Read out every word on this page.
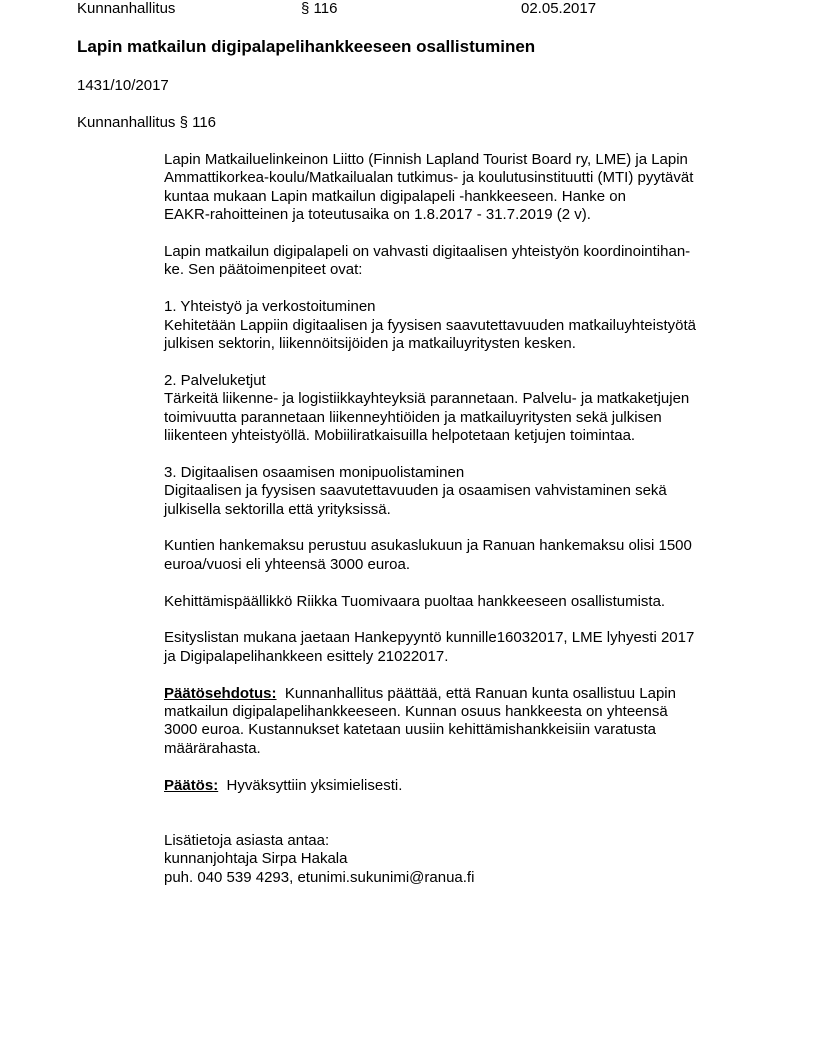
Kunnanhallitus	§ 116	02.05.2017
Lapin matkailun digipalapelihankkeeseen osallistuminen
1431/10/2017
Kunnanhallitus § 116
Lapin Matkailuelinkeinon Liitto (Finnish Lapland Tourist Board ry, LME) ja Lapin
Ammattikorkea-koulu/Matkailualan tutkimus- ja koulutusinstituutti (MTI) pyytävät
kuntaa mukaan Lapin matkailun digipalapeli -hankkeeseen. Hanke on
EAKR-rahoitteinen ja toteutusaika on 1.8.2017 - 31.7.2019 (2 v).
Lapin matkailun digipalapeli on vahvasti digitaalisen yhteistyön koordinointihan-
ke. Sen päätoimenpiteet ovat:
1. Yhteistyö ja verkostoituminen
Kehitetään Lappiin digitaalisen ja fyysisen saavutettavuuden matkailuyhteistyötä
julkisen sektorin, liikennöitsijöiden ja matkailuyritysten kesken.
2. Palveluketjut
Tärkeitä liikenne- ja logistiikkayhteyksiä parannetaan. Palvelu- ja matkaketjujen
toimivuutta parannetaan liikenneyhtiöiden ja matkailuyritysten sekä julkisen
liikenteen yhteistyöllä. Mobiiliratkaisuilla helpotetaan ketjujen toimintaa.
3. Digitaalisen osaamisen monipuolistaminen
Digitaalisen ja fyysisen saavutettavuuden ja osaamisen vahvistaminen sekä
julkisella sektorilla että yrityksissä.
Kuntien hankemaksu perustuu asukaslukuun ja Ranuan hankemaksu olisi 1500
euroa/vuosi eli yhteensä 3000 euroa.
Kehittämispäällikkö Riikka Tuomivaara puoltaa hankkeeseen osallistumista.
Esityslistan mukana jaetaan Hankepyyntö kunnille16032017, LME lyhyesti 2017
ja Digipalapelihankkeen esittely 21022017.
Päätösehdotus: Kunnanhallitus päättää, että Ranuan kunta osallistuu Lapin
matkailun digipalapelihankkeeseen. Kunnan osuus hankkeesta on yhteensä
3000 euroa. Kustannukset katetaan uusiin kehittämishankkeisiin varatusta
määrärahasta.
Päätös: Hyväksyttiin yksimielisesti.
Lisätietoja asiasta antaa:
kunnanjohtaja Sirpa Hakala
puh. 040 539 4293, etunimi.sukunimi@ranua.fi
